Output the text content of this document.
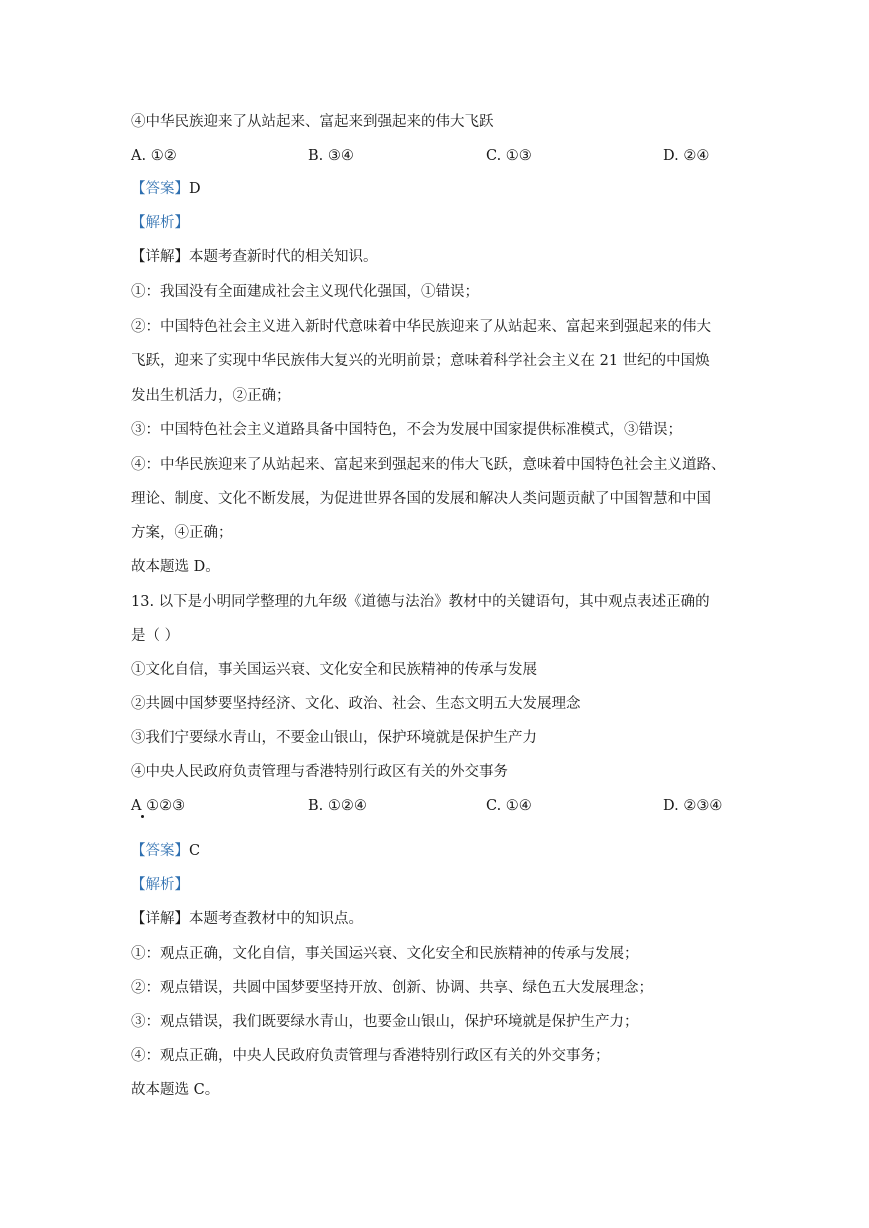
④中华民族迎来了从站起来、富起来到强起来的伟大飞跃
A. ①②	B. ③④	C. ①③	D. ②④
【答案】D
【解析】
【详解】本题考查新时代的相关知识。
①：我国没有全面建成社会主义现代化强国，①错误；
②：中国特色社会主义进入新时代意味着中华民族迎来了从站起来、富起来到强起来的伟大
飞跃，迎来了实现中华民族伟大复兴的光明前景；意味着科学社会主义在 21 世纪的中国焕
发出生机活力，②正确；
③：中国特色社会主义道路具备中国特色，不会为发展中国家提供标准模式，③错误；
④：中华民族迎来了从站起来、富起来到强起来的伟大飞跃，意味着中国特色社会主义道路、
理论、制度、文化不断发展，为促进世界各国的发展和解决人类问题贡献了中国智慧和中国
方案，④正确；
故本题选 D。
13. 以下是小明同学整理的九年级《道德与法治》教材中的关键语句，其中观点表述正确的
是（ ）
①文化自信，事关国运兴衰、文化安全和民族精神的传承与发展
②共圆中国梦要坚持经济、文化、政治、社会、生态文明五大发展理念
③我们宁要绿水青山，不要金山银山，保护环境就是保护生产力
④中央人民政府负责管理与香港特别行政区有关的外交事务
A ①②③	B. ①②④	C. ①④	D. ②③④
【答案】C
【解析】
【详解】本题考查教材中的知识点。
①：观点正确，文化自信，事关国运兴衰、文化安全和民族精神的传承与发展；
②：观点错误，共圆中国梦要坚持开放、创新、协调、共享、绿色五大发展理念；
③：观点错误，我们既要绿水青山，也要金山银山，保护环境就是保护生产力；
④：观点正确，中央人民政府负责管理与香港特别行政区有关的外交事务；
故本题选 C。
